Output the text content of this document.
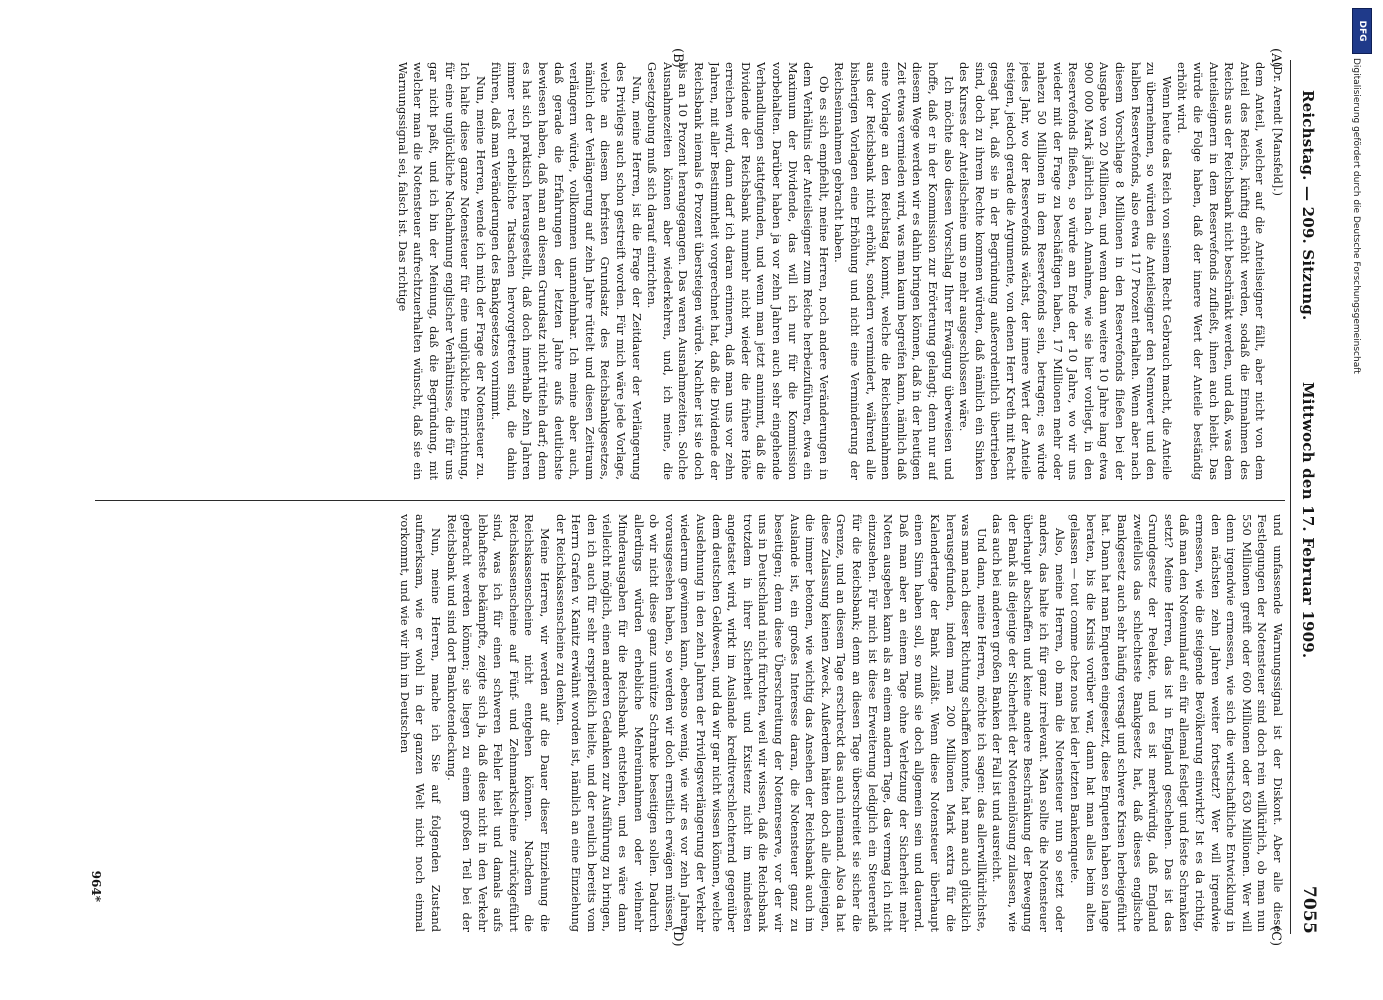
Reichstag. — 209. Sitzung.
Mittwoch den 17. Februar 1909.
7055
(A)
(B)
(C)
(D)
(Dr. Arendt [Mansfeld].)

dem Anteil, welcher auf die Anteilseigner fällt, aber nicht von dem Anteil des Reichs, künftig erhöht werden, sodaß die Einnahmen des Reichs aus der Reichsbank nicht beschränkt werden, und daß, was dem Anteilseignern in dem Reservefonds zufließt, ihnen auch bleibt. Das würde die Folge haben, daß der innere Wert der Anteile beständig erhöht wird.

Wenn heute das Reich von seinem Recht Gebrauch macht, die Anteile zu übernehmen, so würden die Anteilseigner den Nennwert und den halben Reservefonds, also etwa 117 Prozent erhalten. Wenn aber nach diesem Vorschlage 8 Millionen in den Reservefonds fließen bei der Ausgabe von 20 Millionen, und wenn dann weitere 10 Jahre lang etwa 900 000 Mark jährlich nach Annahme, wie sie hier vorliegt, in den Reservefonds fließen, so würde am Ende der 10 Jahre, wo wir uns wieder mit der Frage zu beschäftigen haben, 17 Millionen mehr oder nahezu 50 Millionen in dem Reservefonds sein, betragen; es würde jedes Jahr, wo der Reservefonds wächst, der innere Wert der Anteile steigen, jedoch gerade die Argumente, von denen Herr Kreth mit Recht gesagt hat, daß sie in der Begründung außerordentlich übertrieben sind, doch zu ihrem Rechte kommen würden, daß nämlich ein Sinken des Kurses der Anteilscheine um so mehr ausgeschlossen wäre.

Ich möchte also diesen Vorschlag Ihrer Erwägung überweisen und hoffe, daß er in der Kommission zur Erörterung gelangt; denn nur auf diesem Wege werden wir es dahin bringen können, daß in der heutigen Zeit etwas vermieden wird, was man kaum begreifen kann, nämlich daß eine Vorlage an den Reichstag kommt, welche die Reichseinnahmen aus der Reichsbank nicht erhöht, sondern vermindert, während alle bisherigen Vorlagen eine Erhöhung und nicht eine Verminderung der Reichseinnahmen gebracht haben.

Ob es sich empfiehlt, meine Herren, noch andere Veränderungen in dem Verhältnis der Anteilseigner zum Reiche herbeizuführen, etwa ein Maximum der Dividende, das will ich nur für die Kommission vorbehalten. Darüber haben ja vor zehn Jahren auch sehr eingehende Verhandlungen stattgefunden, und wenn man jetzt annimmt, daß die Dividende der Reichsbank nunmehr nicht wieder die frühere Höhe erreichen wird, dann darf ich daran erinnern, daß man uns vor zehn Jahren, mit aller Bestimmtheit vorgerechnet hat, daß die Dividende der Reichsbank niemals 6 Prozent übersteigen würde. Nachher ist sie doch bis an 10 Prozent herangegangen. Das waren Ausnahmezeiten. Solche Ausnahmezeiten können aber wiederkehren, und, ich meine, die Gesetzgebung muß sich darauf einrichten.

Nun, meine Herren, ist die Frage der Zeitdauer der Verlängerung des Privilegs auch schon gestreift worden. Für mich wäre jede Vorlage, welche an diesem befristen Grundsatz des Reichsbankgesetzes, nämlich der Verlängerung auf zehn Jahre rüttelt und diesen Zeitraum verlängern würde, vollkommen unannehmbar. Ich meine aber auch, daß gerade die Erfahrungen der letzten Jahre aufs deutlichste bewiesen haben, daß man an diesem Grundsatz nicht rütteln darf; denn es hat sich praktisch herausgestellt, daß doch innerhalb zehn Jahren immer recht erhebliche Tatsachen hervorgetreten sind, die dahin führen, daß man Veränderungen des Bankgesetzes vornimmt.

Nun, meine Herren, wende ich mich der Frage der Notensteuer zu. Ich halte diese ganze Notensteuer für eine unglückliche Einrichtung, für eine unglückliche Nachahmung englischer Verhältnisse, die für uns gar nicht paßt, und ich bin der Meinung, daß die Begründung, mit welcher man die Notensteuer aufrechtzuerhalten wünscht, daß sie ein Warnungssignal sei, falsch ist. Das richtige

und umfassende Warnungssignal ist der Diskont. Aber alle diese Festlegungen der Notensteuer sind doch rein willkürlich, ob man nun 550 Millionen greift oder 600 Millionen oder 630 Millionen. Wer will denn irgendwie ermessen, wie sich die wirtschaftliche Entwicklung in den nächsten zehn Jahren weiter fortsetzt? Wer will irgendwie ermessen, wie die steigende Bevölkerung einwirkt? Ist es da richtig, daß man den Notenumlauf ein für allemal festlegt und feste Schranken setzt? Meine Herren, das ist in England geschehen. Das ist das Grundgesetz der Peelakte, und es ist merkwürdig, daß England zweifellos das schlechteste Bankgesetz hat, daß dieses englische Bankgesetz auch sehr häufig versagt und schwere Krisen herbeigeführt hat. Dann hat man Enqueten eingesetzt, diese Enqueten haben so lange beraten, bis die Krisis vorüber war, dann hat man alles beim alten gelassen — tout comme chez nous bei der letzten Bankenquete.

Also, meine Herren, ob man die Notensteuer nun so setzt oder anders, das halte ich für ganz irrelevant. Man sollte die Notensteuer überhaupt abschaffen und keine andere Beschränkung der Bewegung der Bank als diejenige der Sicherheit der Noteneinlösung zulassen, wie das auch bei anderen großen Banken der Fall ist und ausreicht.

Und dann, meine Herren, möchte ich sagen: das allerwillkürlichste, was man nach dieser Richtung schaffen konnte, hat man auch glücklich herausgefunden, indem man 200 Millionen Mark extra für die Kalendertage der Bank zuläßt. Wenn diese Notensteuer überhaupt einen Sinn haben soll, so muß sie doch allgemein sein und dauernd. Daß man aber an einem Tage ohne Verletzung der Sicherheit mehr Noten ausgeben kann als an einem andern Tage, das vermag ich nicht einzusehen. Für mich ist diese Erweiterung lediglich ein Steuererlaß für die Reichsbank; denn an diesen Tage überschreitet sie sicher die Grenze, und an diesem Tage erschreckt das auch niemand. Also da hat diese Zulassung keinen Zweck. Außerdem hätten doch alle diejenigen, die immer betonen, wie wichtig das Ansehen der Reichsbank auch im Auslande ist, ein großes Interesse daran, die Notensteuer ganz zu beseitigen; denn diese Überschreitung der Notenreserve, vor der wir uns in Deutschland nicht fürchten, weil wir wissen, daß die Reichsbank trotzdem in ihrer Sicherheit und Existenz nicht im mindesten angetastet wird, wirkt im Auslande kreditverschlechternd gegenüber dem deutschen Geldwesen, und da wir gar nicht wissen können, welche Ausdehnung in den zehn Jahren der Privilegsverlängerung der Verkehr wiederum gewinnen kann, ebenso wenig, wie wir es vor zehn Jahren vorausgesehen haben, so werden wir doch ernstlich erwägen müssen, ob wir nicht diese ganz unnütze Schranke beseitigen sollen. Dadurch allerdings würden erhebliche Mehreinnahmen oder vielmehr Minderausgaben für die Reichsbank entstehen, und es wäre dann vielleicht möglich, einen anderen Gedanken zur Ausführung zu bringen, den ich auch für sehr ersprießlich hielte, und der neulich bereits vom Herrn Grafen v. Kanitz erwähnt worden ist, nämlich an eine Einziehung der Reichskassenscheine zu denken.

Meine Herren, wir werden auf die Dauer dieser Einziehung die Reichskassenscheine nicht entgehen können. Nachdem die Reichskassenscheine auf Fünf- und Zehnmarkscheine zurückgeführt sind, was ich für einen schweren Fehler hielt und damals aufs lebhafteste bekämpfte, zeigte sich ja, daß diese nicht in den Verkehr gebracht werden können; sie liegen zu einem großen Teil bei der Reichsbank und sind dort Banknotendeckung.

Nun, meine Herren, mache ich Sie auf folgenden Zustand aufmerksam, wie er wohl in der ganzen Welt nicht noch einmal vorkommt, und wie wir ihn im Deutschen

964*
DFG
Digitalisierung gefördert durch die Deutsche Forschungsgemeinschaft
